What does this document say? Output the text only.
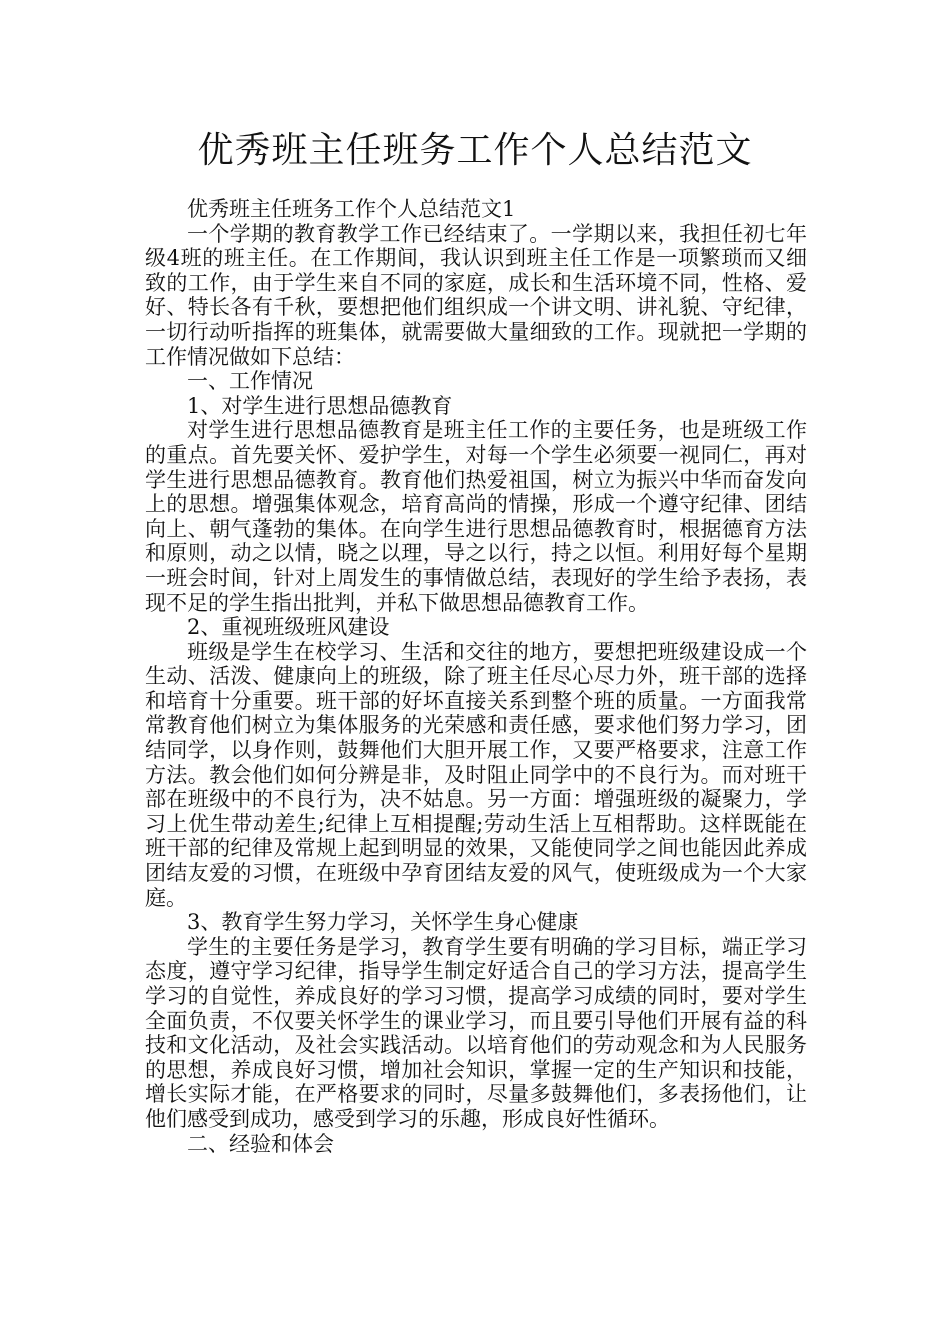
优秀班主任班务工作个人总结范文

优秀班主任班务工作个人总结范文1

一个学期的教育教学工作已经结束了。一学期以来，我担任初七年级4班的班主任。在工作期间，我认识到班主任工作是一项繁琐而又细致的工作，由于学生来自不同的家庭，成长和生活环境不同，性格、爱好、特长各有千秋，要想把他们组织成一个讲文明、讲礼貌、守纪律，一切行动听指挥的班集体，就需要做大量细致的工作。现就把一学期的工作情况做如下总结：

一、工作情况

1、对学生进行思想品德教育

对学生进行思想品德教育是班主任工作的主要任务，也是班级工作的重点。首先要关怀、爱护学生，对每一个学生必须要一视同仁，再对学生进行思想品德教育。教育他们热爱祖国，树立为振兴中华而奋发向上的思想。增强集体观念，培育高尚的情操，形成一个遵守纪律、团结向上、朝气蓬勃的集体。在向学生进行思想品德教育时，根据德育方法和原则，动之以情，晓之以理，导之以行，持之以恒。利用好每个星期一班会时间，针对上周发生的事情做总结，表现好的学生给予表扬，表现不足的学生指出批判，并私下做思想品德教育工作。

2、重视班级班风建设

班级是学生在校学习、生活和交往的地方，要想把班级建设成一个生动、活泼、健康向上的班级，除了班主任尽心尽力外，班干部的选择和培育十分重要。班干部的好坏直接关系到整个班的质量。一方面我常常教育他们树立为集体服务的光荣感和责任感，要求他们努力学习，团结同学，以身作则，鼓舞他们大胆开展工作，又要严格要求，注意工作方法。教会他们如何分辨是非，及时阻止同学中的不良行为。而对班干部在班级中的不良行为，决不姑息。另一方面：增强班级的凝聚力，学习上优生带动差生;纪律上互相提醒;劳动生活上互相帮助。这样既能在班干部的纪律及常规上起到明显的效果，又能使同学之间也能因此养成团结友爱的习惯，在班级中孕育团结友爱的风气，使班级成为一个大家庭。

3、教育学生努力学习，关怀学生身心健康

学生的主要任务是学习，教育学生要有明确的学习目标，端正学习态度，遵守学习纪律，指导学生制定好适合自己的学习方法，提高学生学习的自觉性，养成良好的学习习惯，提高学习成绩的同时，要对学生全面负责，不仅要关怀学生的课业学习，而且要引导他们开展有益的科技和文化活动，及社会实践活动。以培育他们的劳动观念和为人民服务的思想，养成良好习惯，增加社会知识，掌握一定的生产知识和技能，增长实际才能，在严格要求的同时，尽量多鼓舞他们，多表扬他们，让他们感受到成功，感受到学习的乐趣，形成良好性循环。

二、经验和体会
